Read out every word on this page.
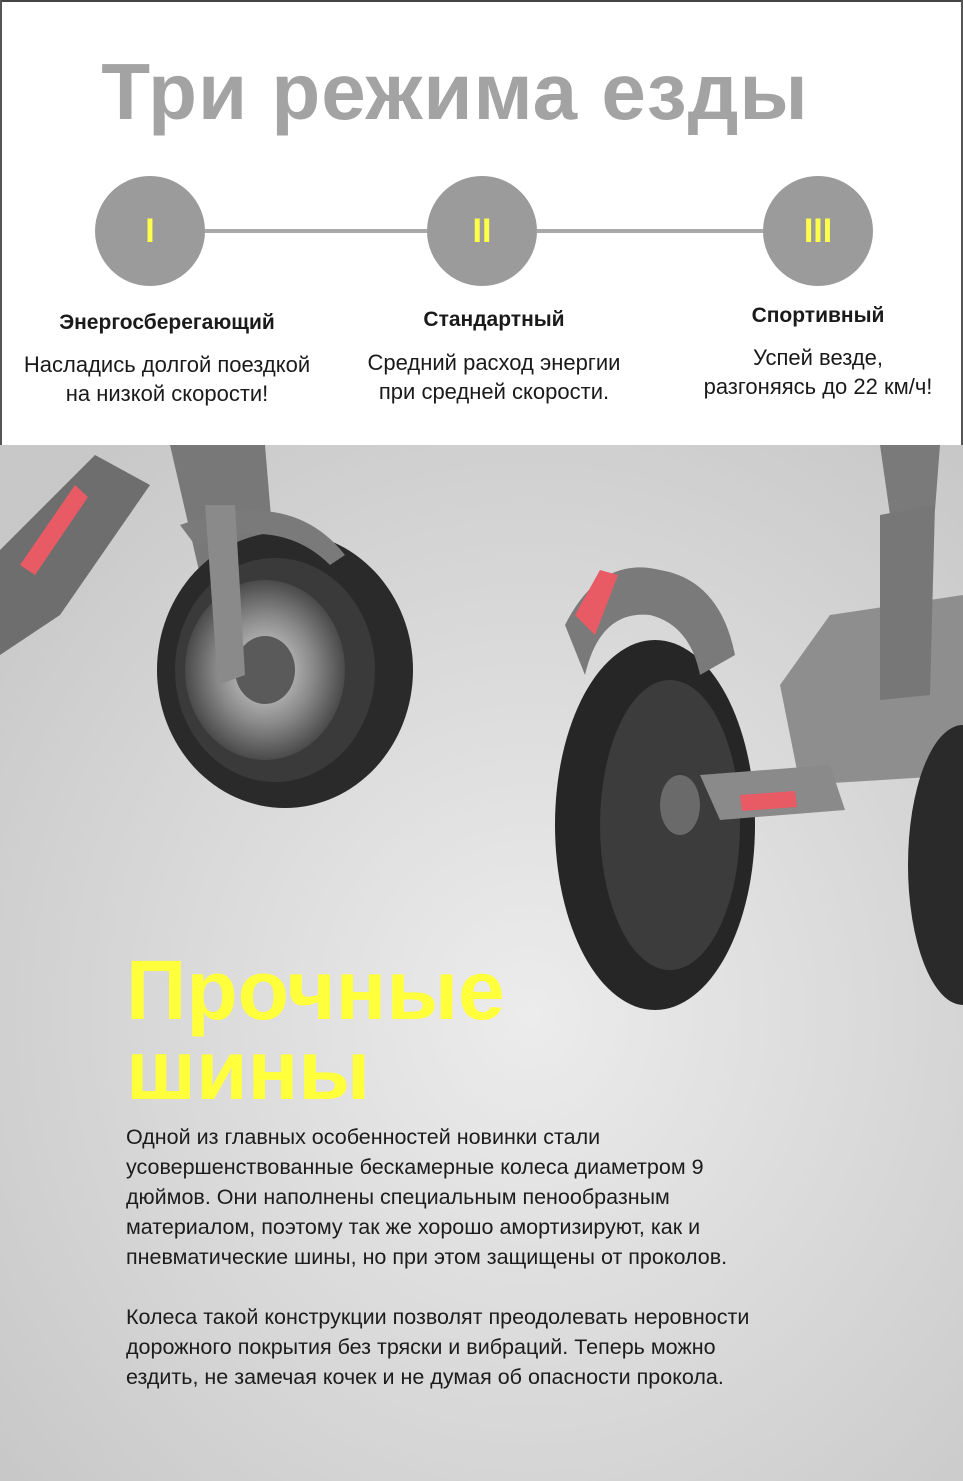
Три режима езды
I	II	III
Энергосберегающий	Стандартный	Спортивный
Насладись долгой поездкой
на низкой скорости!
Средний расход энергии
при средней скорости.
Успей везде,
разгоняясь до 22 км/ч!
Прочные
шины
Одной из главных особенностей новинки стали
усовершенствованные бескамерные колеса диаметром 9
дюймов. Они наполнены специальным пенообразным
материалом, поэтому так же хорошо амортизируют, как и
пневматические шины, но при этом защищены от проколов.
Колеса такой конструкции позволят преодолевать неровности
дорожного покрытия без тряски и вибраций. Теперь можно
ездить, не замечая кочек и не думая об опасности прокола.
